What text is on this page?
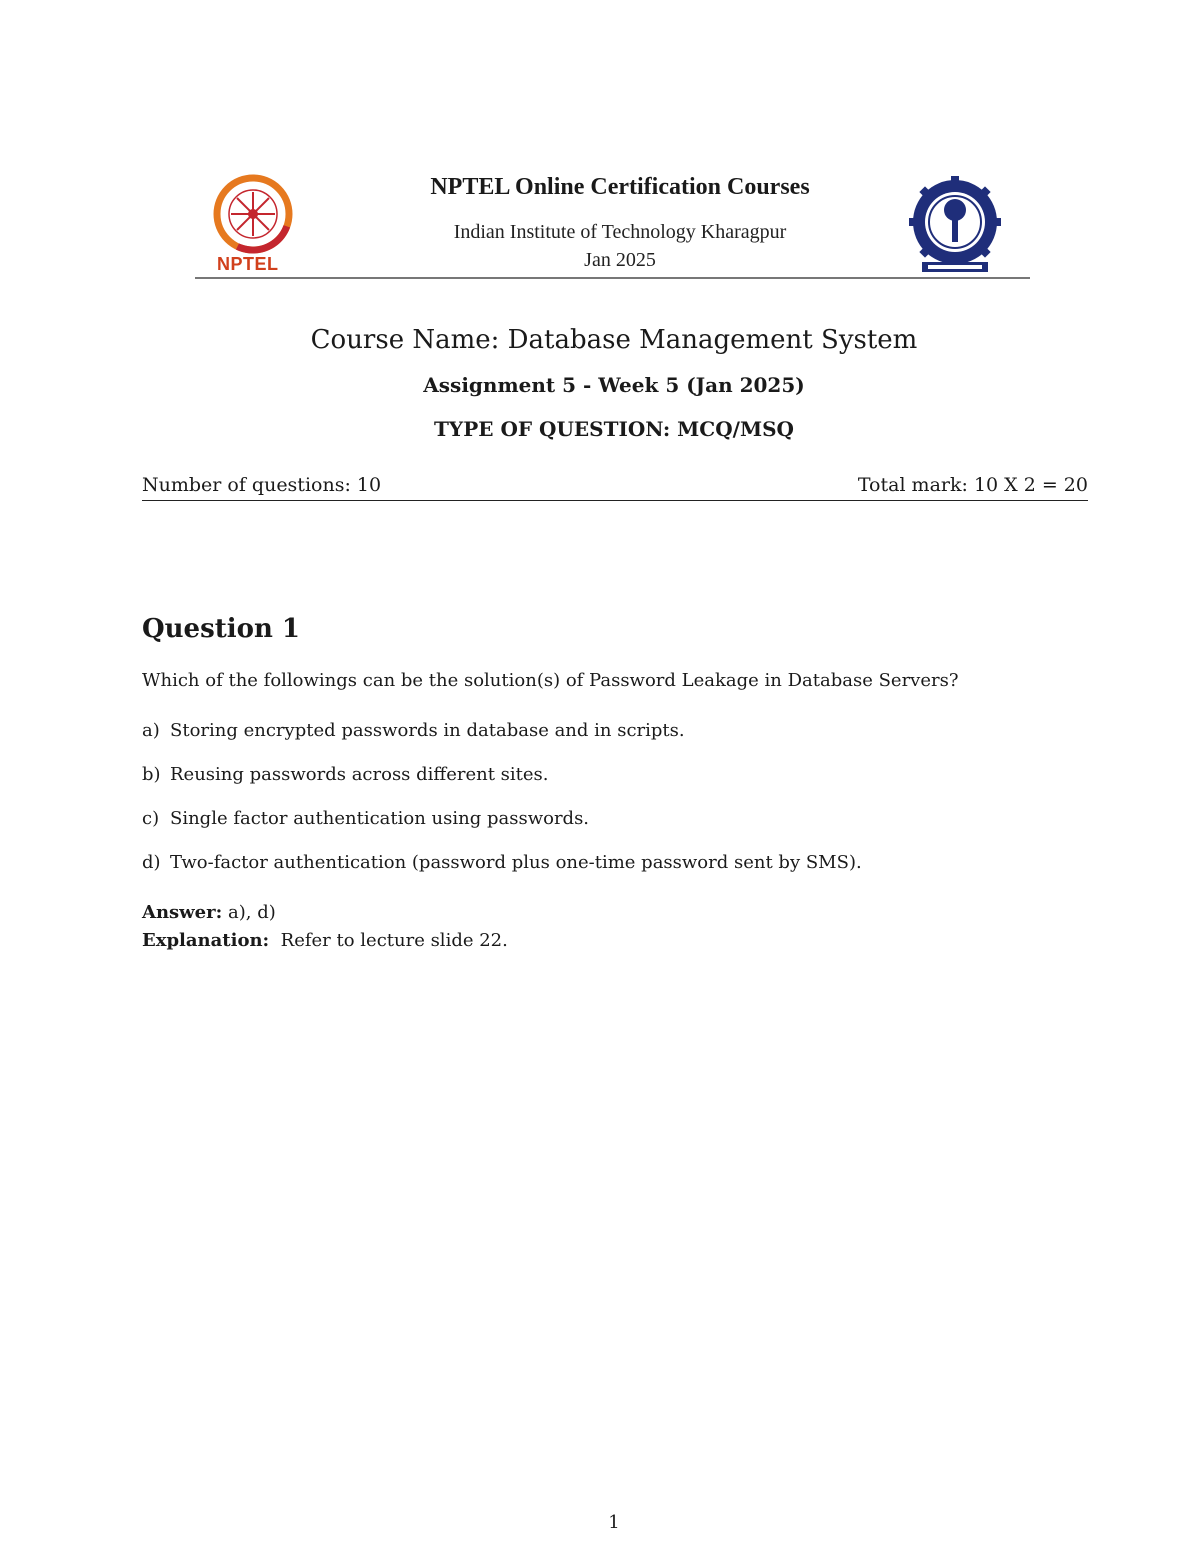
NPTEL
NPTEL Online Certification Courses
Indian Institute of Technology Kharagpur
Jan 2025
Course Name: Database Management System
Assignment 5 - Week 5 (Jan 2025)
TYPE OF QUESTION: MCQ/MSQ
Number of questions: 10	Total mark: 10 X 2 = 20
Question 1
Which of the followings can be the solution(s) of Password Leakage in Database Servers?
a) Storing encrypted passwords in database and in scripts.
b) Reusing passwords across different sites.
c) Single factor authentication using passwords.
d) Two-factor authentication (password plus one-time password sent by SMS).
Answer: a), d)
Explanation: Refer to lecture slide 22.
1
